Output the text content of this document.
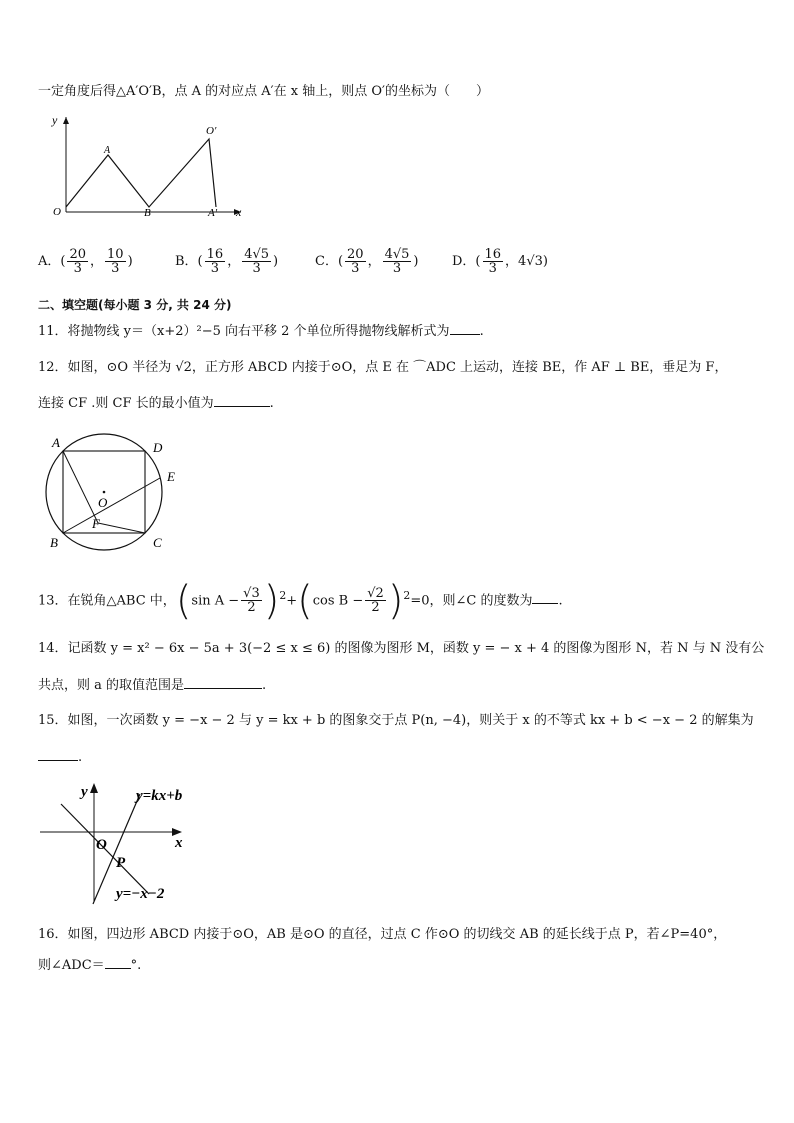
一定角度后得△A′O′B，点 A 的对应点 A′在 x 轴上，则点 O′的坐标为（　　）
y
x
O
A
B
O′
A′
A．( $\frac{20}{3}$ ， $\frac{10}{3}$ )	B．( $\frac{16}{3}$ ， $\frac{4√5}{3}$ )	C．( $\frac{20}{3}$ ， $\frac{4√5}{3}$ )	D．( $\frac{16}{3}$ ，4√3)
二、填空题(每小题 3 分, 共 24 分)
11．将抛物线 y＝（x+2）²−5 向右平移 2 个单位所得抛物线解析式为 .
12．如图，⊙O 半径为 √2，正方形 ABCD 内接于⊙O，点 E 在 ⌒ADC 上运动，连接 BE，作 AF ⊥ BE，垂足为 F，
连接 CF .则 CF 长的最小值为	.
A	D
E
O
F
B	C
13．在锐角△ABC 中，(sin $A - \frac{√3}{2} )^2+(\cos$ $B - \frac{√2}{2} )^2=0$，则∠C 的度数为 .
14．记函数 y = x² − 6x − 5a + 3(−2 ≤ x ≤ 6) 的图像为图形 M，函数 y = − x + 4 的图像为图形 N，若 N 与 N 没有公
共点，则 a 的取值范围是	.
15．如图，一次函数 y = −x − 2 与 y = kx + b 的图象交于点 P(n, −4)，则关于 x 的不等式 kx + b < −x − 2 的解集为
.
y
x
O
P
y=kx+b
y=−x−2
16．如图，四边形 ABCD 内接于⊙O，AB 是⊙O 的直径，过点 C 作⊙O 的切线交 AB 的延长线于点 P，若∠P=40°，
则∠ADC＝ °.
